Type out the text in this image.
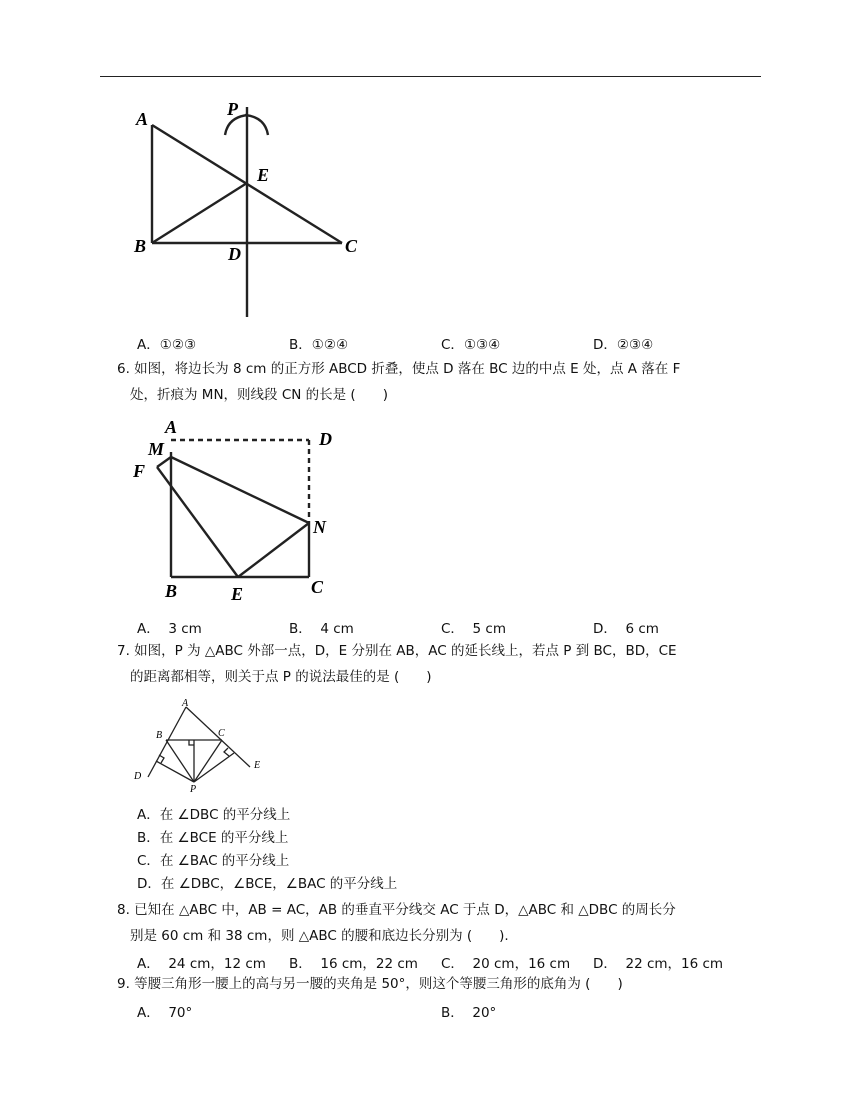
A	P
E
B	D	C
A．①②③	B．①②④	C．①③④	D．②③④
6. 如图，将边长为 8 cm 的正方形 ABCD 折叠，使点 D 落在 BC 边的中点 E 处，点 A 落在 F
处，折痕为 MN，则线段 CN 的长是 (　　)
A
D
M
F
N
B	E	C
A． 3 cm	B． 4 cm	C． 5 cm	D． 6 cm
7. 如图，P 为 △ABC 外部一点，D，E 分别在 AB，AC 的延长线上，若点 P 到 BC，BD，CE
的距离都相等，则关于点 P 的说法最佳的是 (　　)
A
B	C
D
E
P
A．在 ∠DBC 的平分线上
B．在 ∠BCE 的平分线上
C．在 ∠BAC 的平分线上
D．在 ∠DBC，∠BCE，∠BAC 的平分线上
8. 已知在 △ABC 中，AB = AC，AB 的垂直平分线交 AC 于点 D，△ABC 和 △DBC 的周长分
别是 60 cm 和 38 cm，则 △ABC 的腰和底边长分别为 (　　).
A． 24 cm，12 cm B． 16 cm，22 cm C． 20 cm，16 cm D． 22 cm，16 cm
9. 等腰三角形一腰上的高与另一腰的夹角是 50°，则这个等腰三角形的底角为 (　　)
A． 70°	B． 20°
